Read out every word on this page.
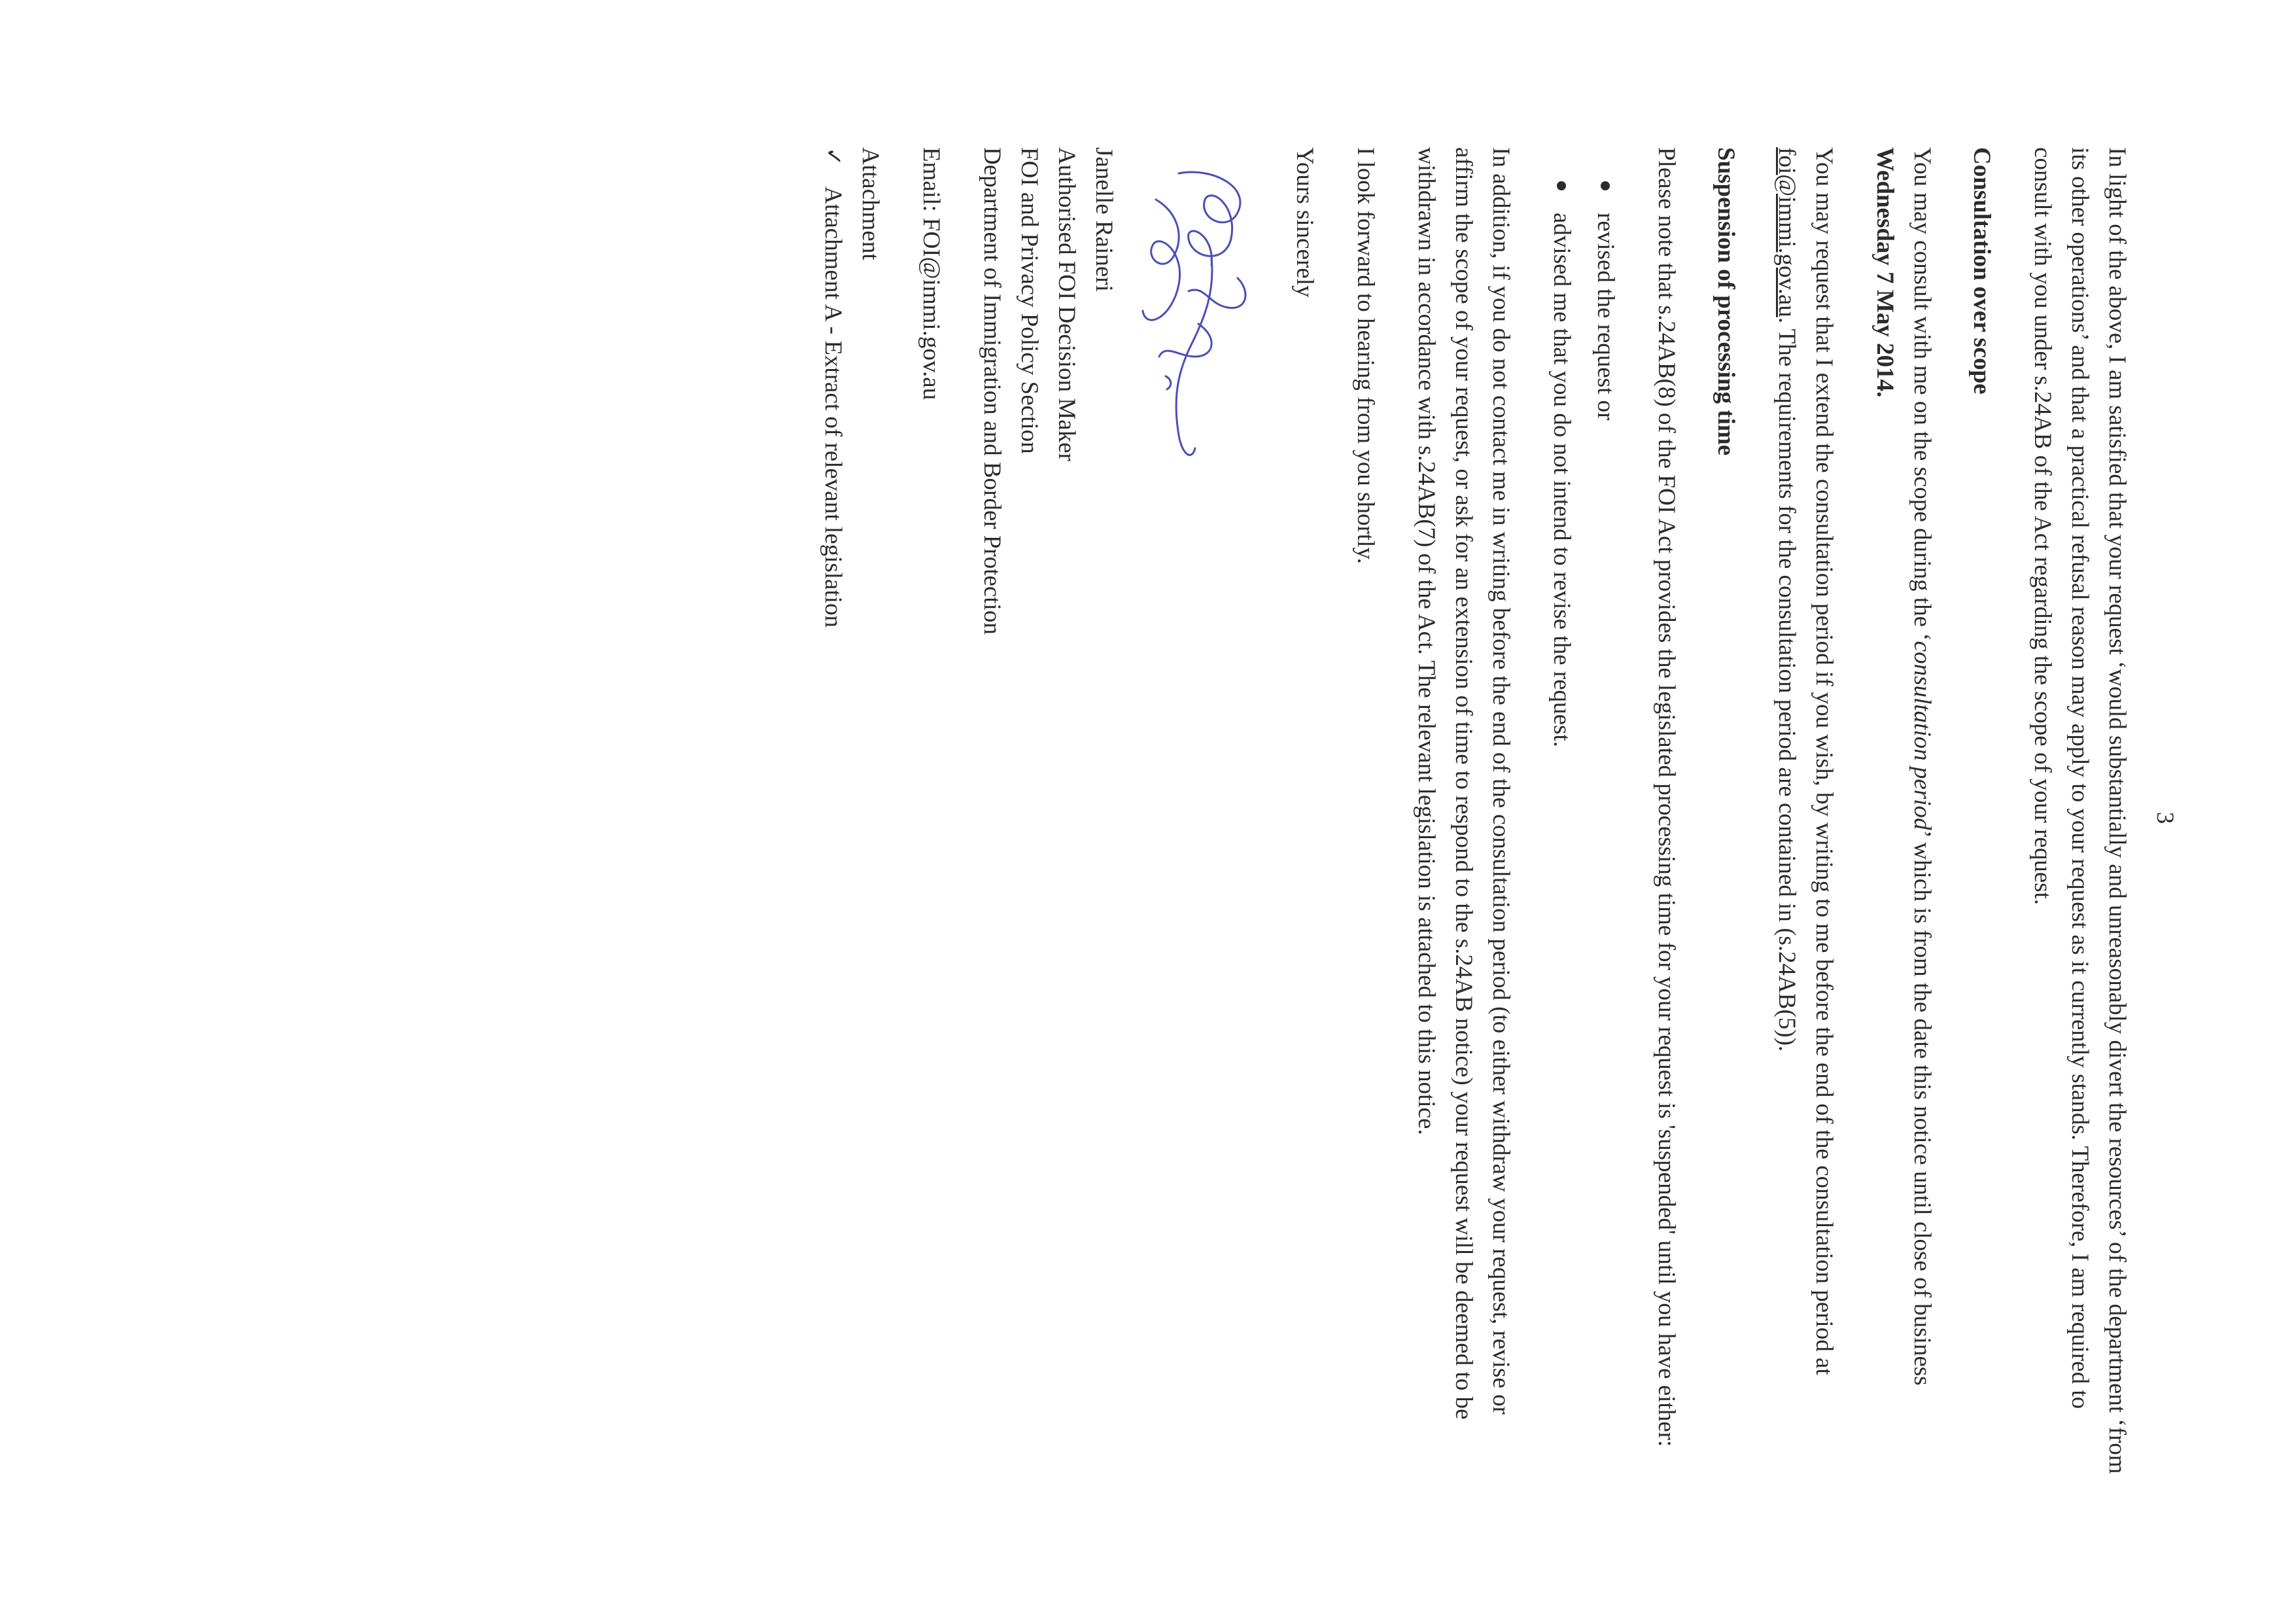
3

In light of the above, I am satisfied that your request ‘would substantially and unreasonably divert the resources’ of the department ‘from its other operations’ and that a practical refusal reason may apply to your request as it currently stands. Therefore, I am required to consult with you under s.24AB of the Act regarding the scope of your request.

Consultation over scope

You may consult with me on the scope during the ‘consultation period’ which is from the date this notice until close of business Wednesday 7 May 2014.

You may request that I extend the consultation period if you wish, by writing to me before the end of the consultation period at foi@immi.gov.au. The requirements for the consultation period are contained in (s.24AB(5)).

Suspension of processing time

Please note that s.24AB(8) of the FOI Act provides the legislated processing time for your request is 'suspended' until you have either:

revised the request or
advised me that you do not intend to revise the request.

In addition, if you do not contact me in writing before the end of the consultation period (to either withdraw your request, revise or affirm the scope of your request, or ask for an extension of time to respond to the s.24AB notice) your request will be deemed to be withdrawn in accordance with s.24AB(7) of the Act. The relevant legislation is attached to this notice.

I look forward to hearing from you shortly.

Yours sincerely
Janelle Raineri
Authorised FOI Decision Maker
FOI and Privacy Policy Section
Department of Immigration and Border Protection
Email: FOI@immi.gov.au
Attachment
✓
Attachment A - Extract of relevant legislation
